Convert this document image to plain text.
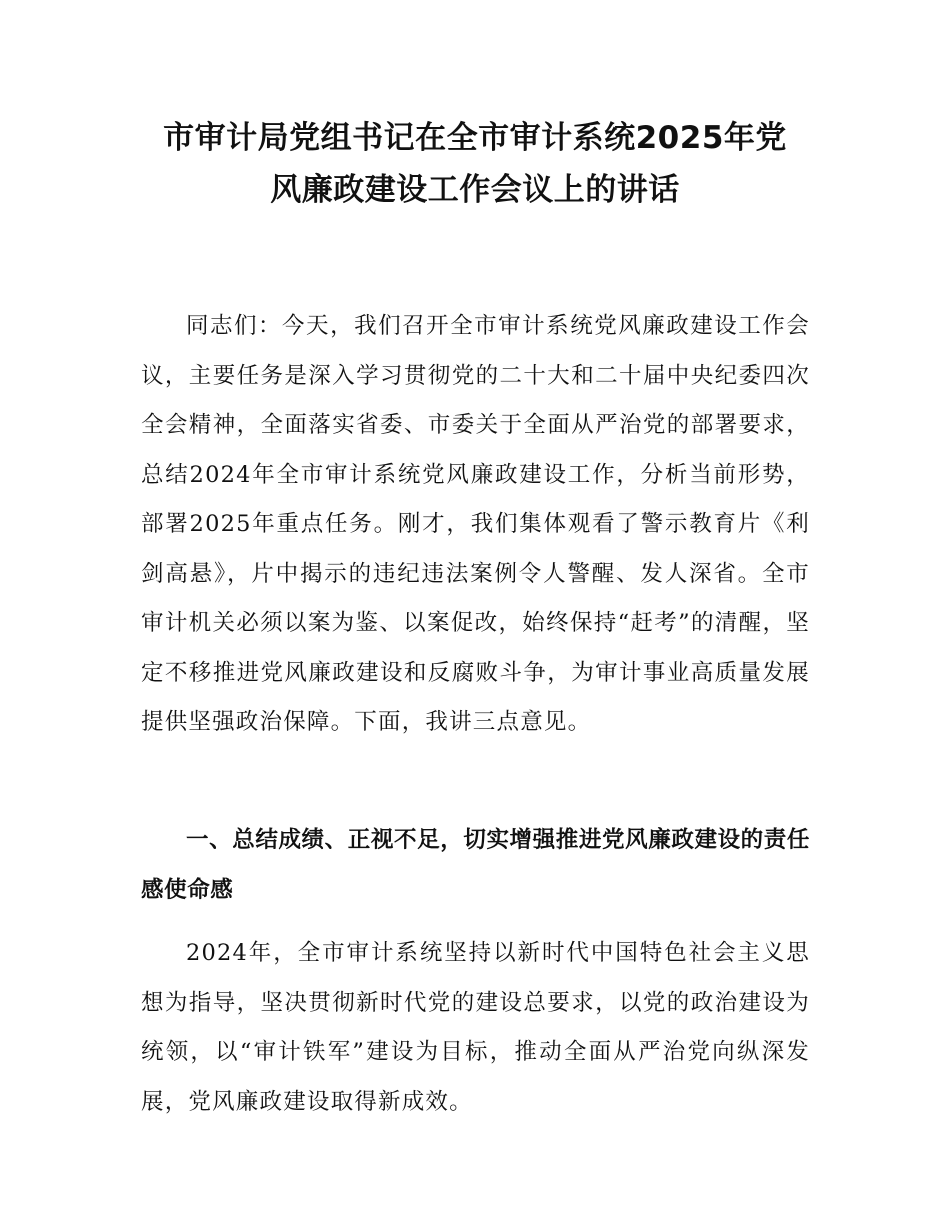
市审计局党组书记在全市审计系统2025年党
风廉政建设工作会议上的讲话

同志们：今天，我们召开全市审计系统党风廉政建设工作会议，主要任务是深入学习贯彻党的二十大和二十届中央纪委四次全会精神，全面落实省委、市委关于全面从严治党的部署要求，总结2024年全市审计系统党风廉政建设工作，分析当前形势，部署2025年重点任务。刚才，我们集体观看了警示教育片《利剑高悬》，片中揭示的违纪违法案例令人警醒、发人深省。全市审计机关必须以案为鉴、以案促改，始终保持“赶考”的清醒，坚定不移推进党风廉政建设和反腐败斗争，为审计事业高质量发展提供坚强政治保障。下面，我讲三点意见。

一、总结成绩、正视不足，切实增强推进党风廉政建设的责任感使命感

2024年，全市审计系统坚持以新时代中国特色社会主义思想为指导，坚决贯彻新时代党的建设总要求，以党的政治建设为统领，以“审计铁军”建设为目标，推动全面从严治党向纵深发展，党风廉政建设取得新成效。
